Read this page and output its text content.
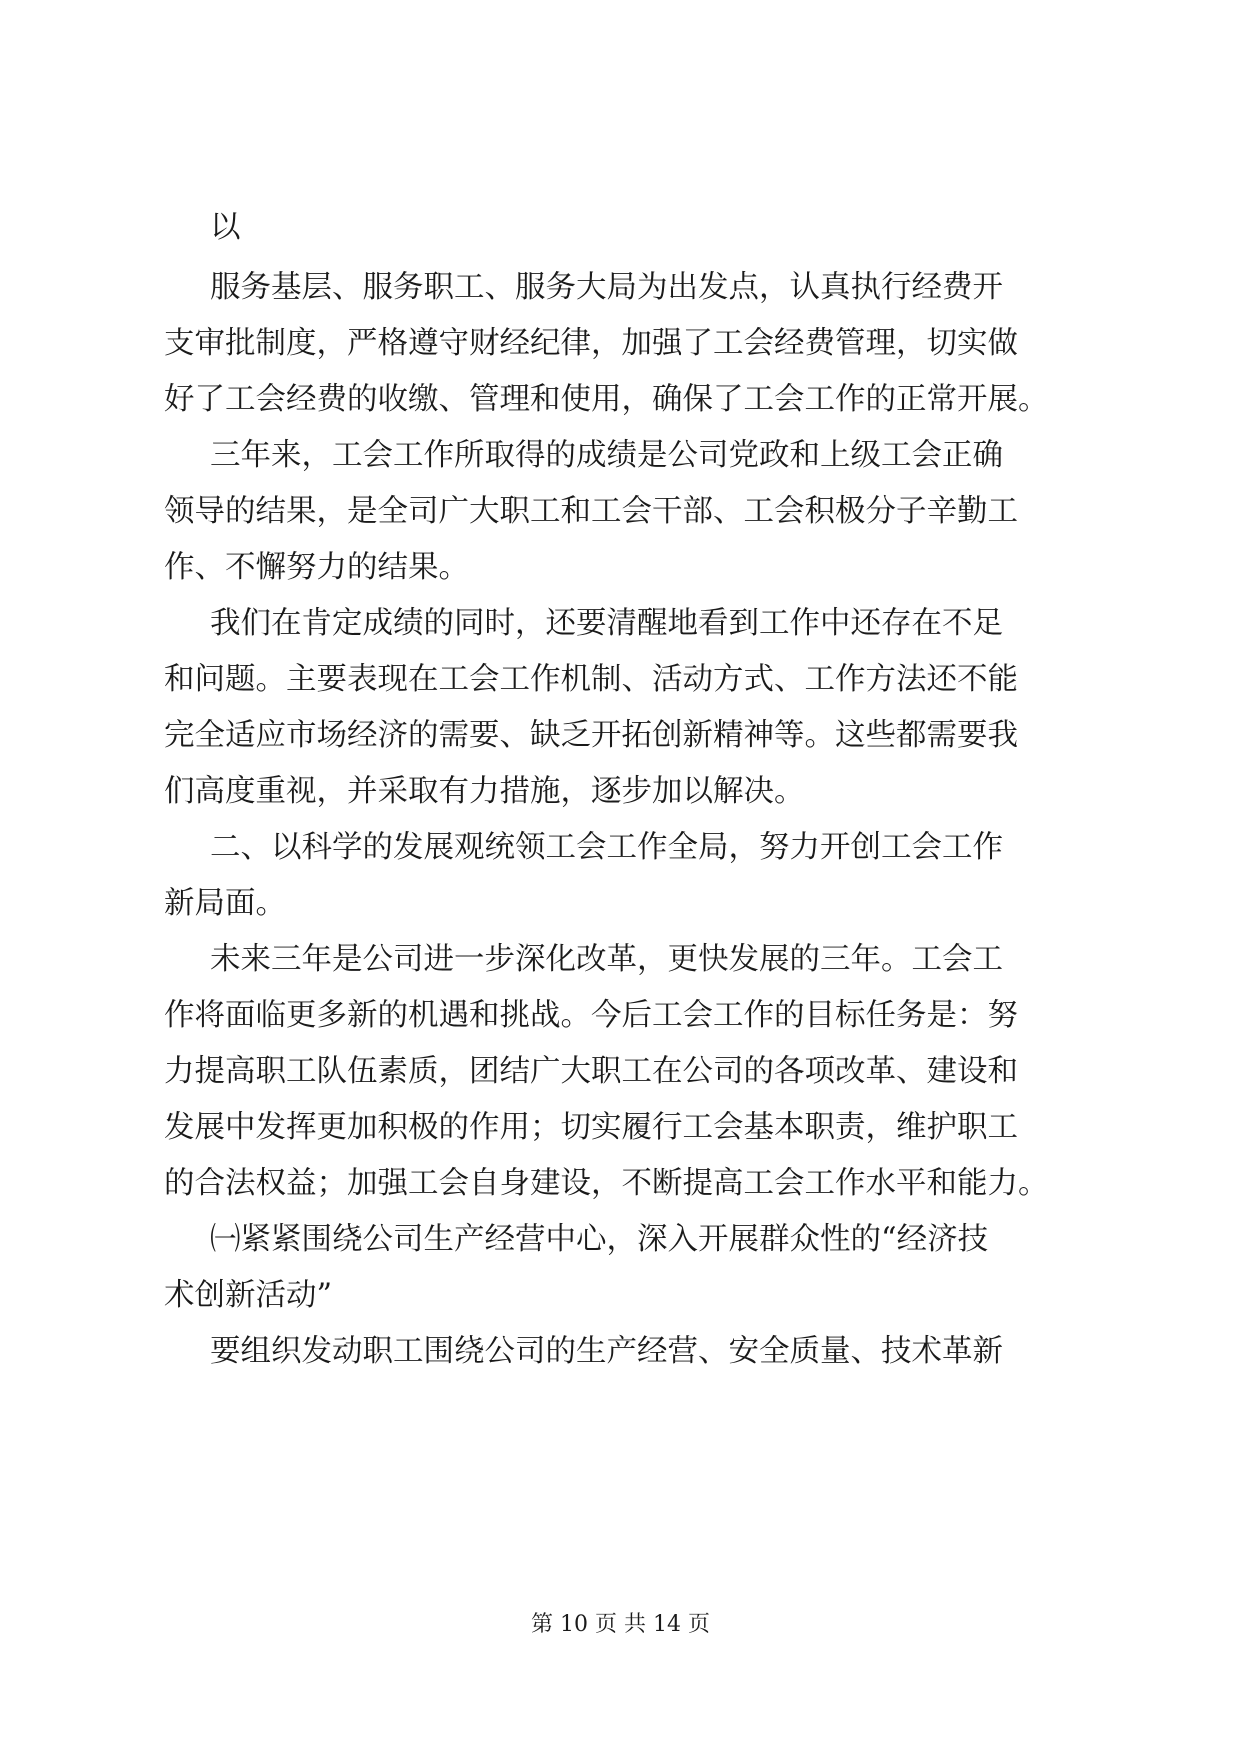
以
服务基层、服务职工、服务大局为出发点，认真执行经费开
支审批制度，严格遵守财经纪律，加强了工会经费管理，切实做
好了工会经费的收缴、管理和使用，确保了工会工作的正常开展。
三年来，工会工作所取得的成绩是公司党政和上级工会正确
领导的结果，是全司广大职工和工会干部、工会积极分子辛勤工
作、不懈努力的结果。
我们在肯定成绩的同时，还要清醒地看到工作中还存在不足
和问题。主要表现在工会工作机制、活动方式、工作方法还不能
完全适应市场经济的需要、缺乏开拓创新精神等。这些都需要我
们高度重视，并采取有力措施，逐步加以解决。
二、以科学的发展观统领工会工作全局，努力开创工会工作
新局面。
未来三年是公司进一步深化改革，更快发展的三年。工会工
作将面临更多新的机遇和挑战。今后工会工作的目标任务是：努
力提高职工队伍素质，团结广大职工在公司的各项改革、建设和
发展中发挥更加积极的作用；切实履行工会基本职责，维护职工
的合法权益；加强工会自身建设，不断提高工会工作水平和能力。
㈠紧紧围绕公司生产经营中心，深入开展群众性的“经济技
术创新活动”
要组织发动职工围绕公司的生产经营、安全质量、技术革新
第 10 页 共 14 页
